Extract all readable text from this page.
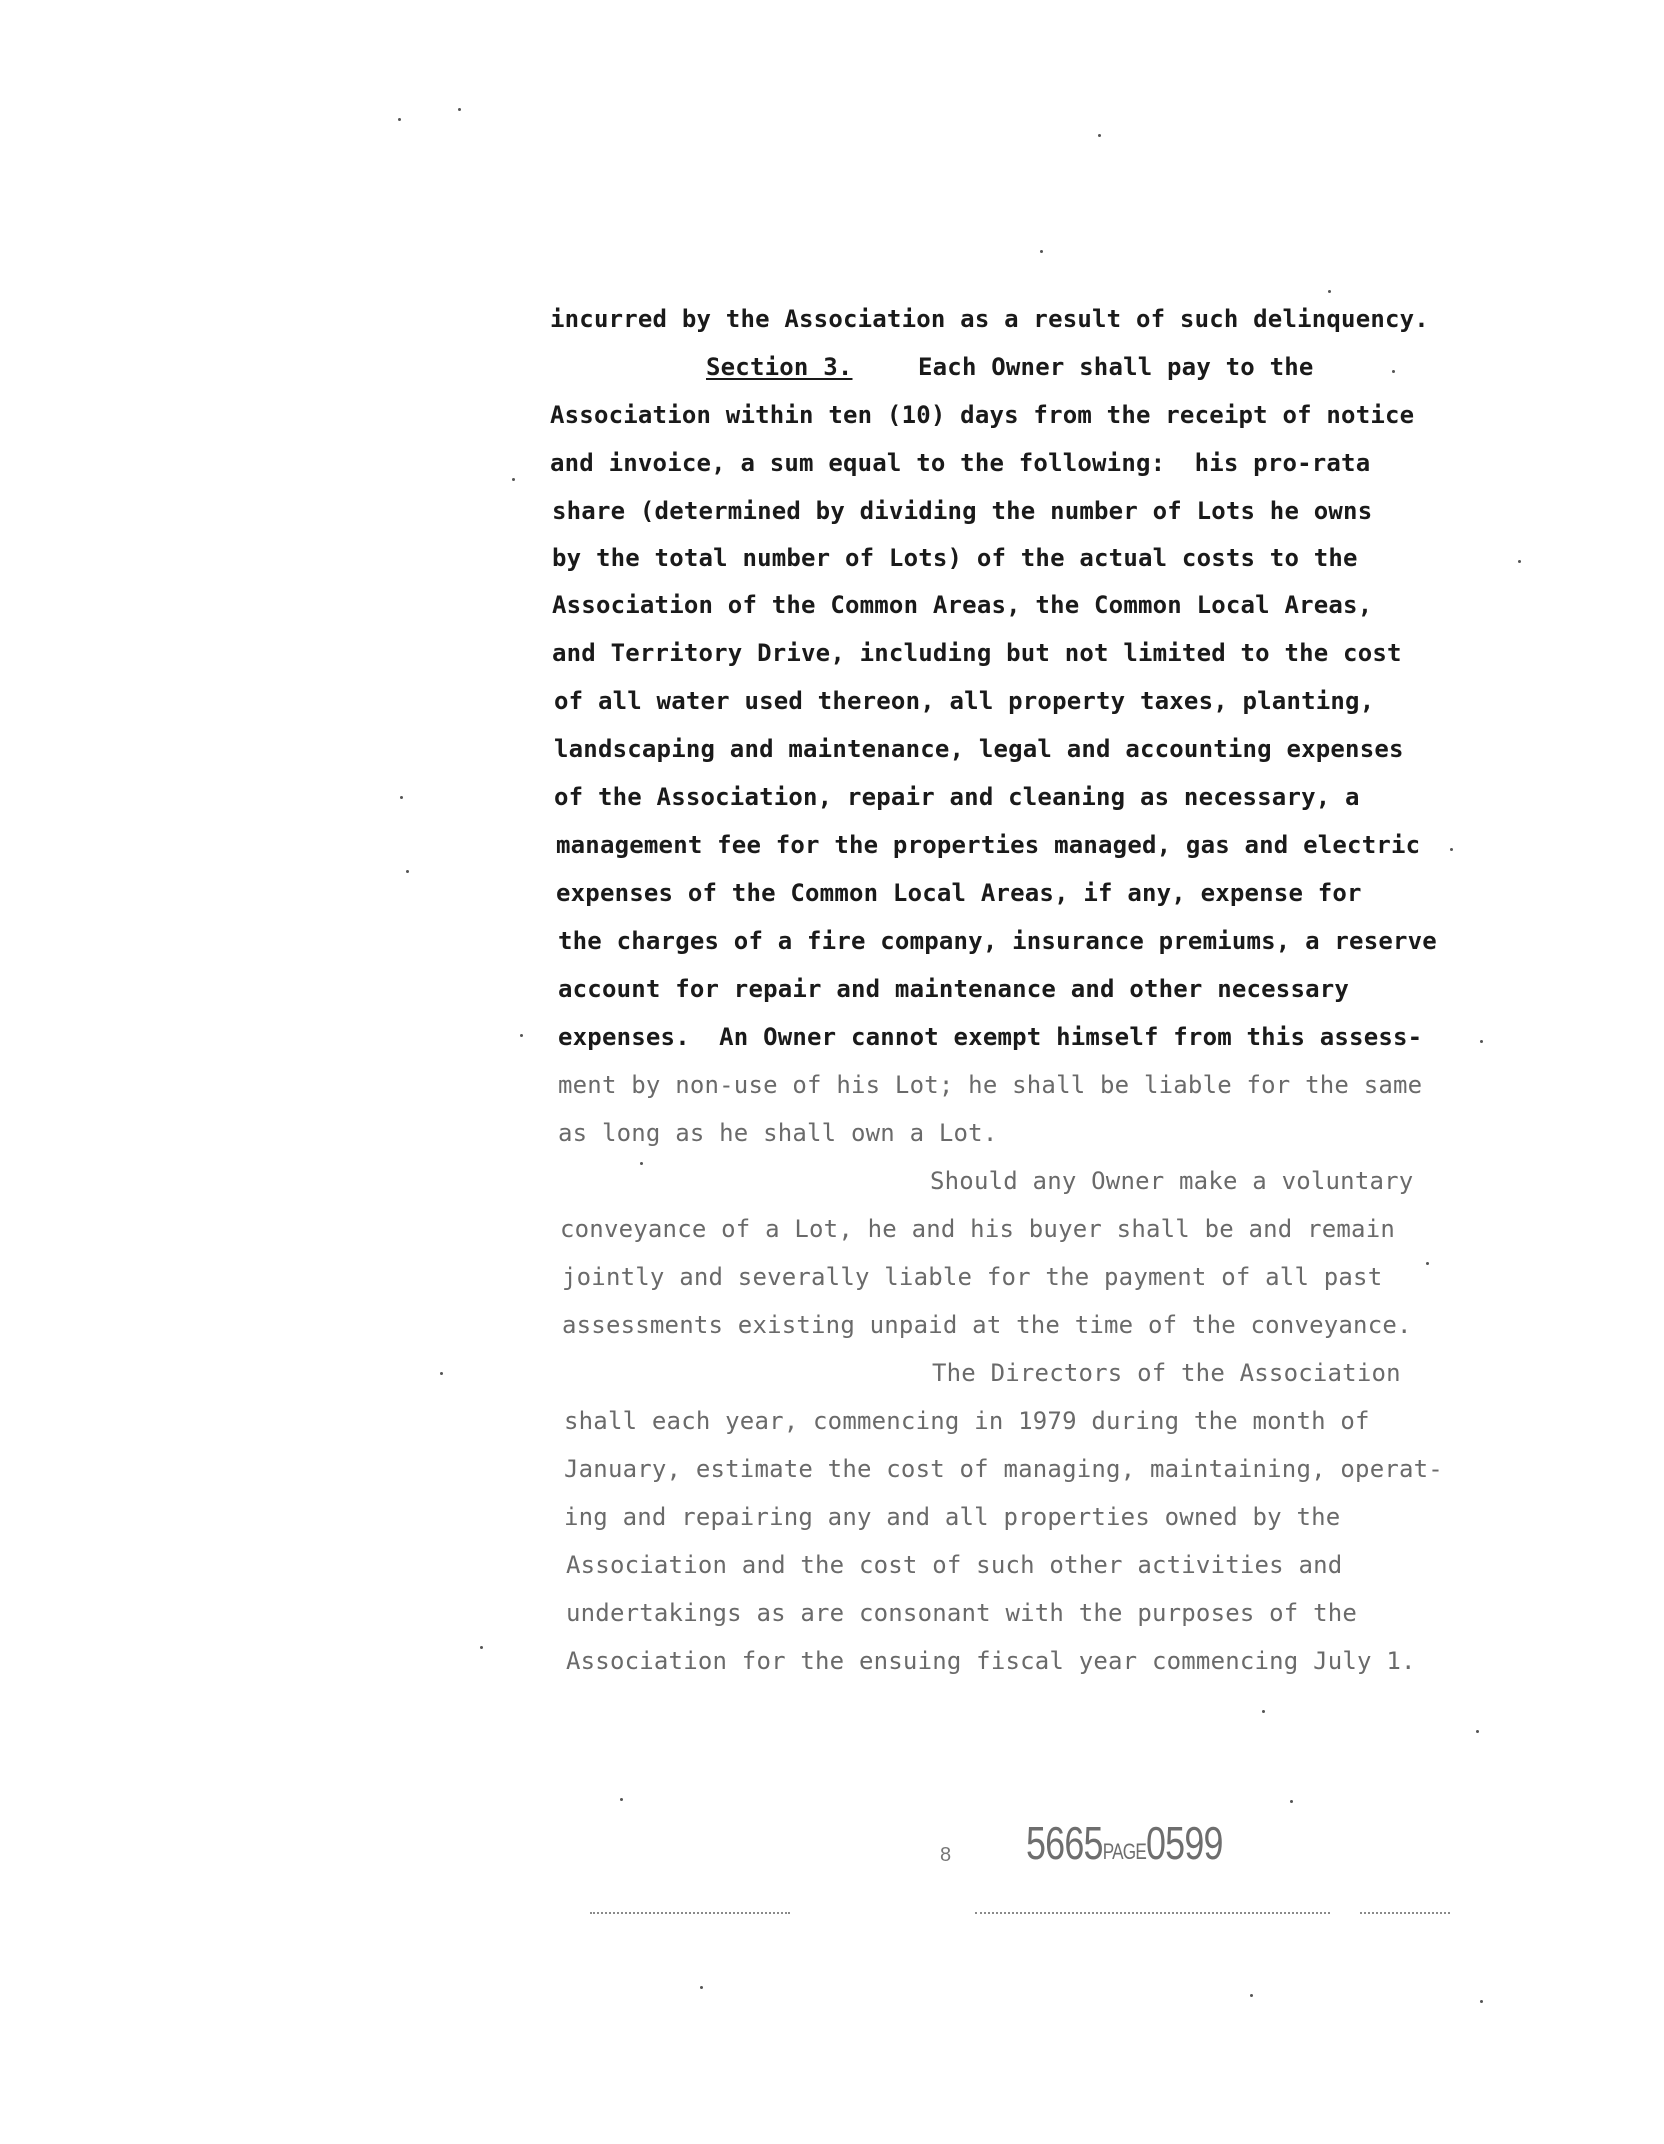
incurred by the Association as a result of such delinquency.
Section 3.	Each Owner shall pay to the
Association within ten (10) days from the receipt of notice
and invoice, a sum equal to the following:  his pro-rata
share (determined by dividing the number of Lots he owns
by the total number of Lots) of the actual costs to the
Association of the Common Areas, the Common Local Areas,
and Territory Drive, including but not limited to the cost
of all water used thereon, all property taxes, planting,
landscaping and maintenance, legal and accounting expenses
of the Association, repair and cleaning as necessary, a
management fee for the properties managed, gas and electric
expenses of the Common Local Areas, if any, expense for
the charges of a fire company, insurance premiums, a reserve
account for repair and maintenance and other necessary
expenses.  An Owner cannot exempt himself from this assess-
ment by non-use of his Lot; he shall be liable for the same
as long as he shall own a Lot.
Should any Owner make a voluntary
conveyance of a Lot, he and his buyer shall be and remain
jointly and severally liable for the payment of all past
assessments existing unpaid at the time of the conveyance.
The Directors of the Association
shall each year, commencing in 1979 during the month of
January, estimate the cost of managing, maintaining, operat-
ing and repairing any and all properties owned by the
Association and the cost of such other activities and
undertakings as are consonant with the purposes of the
Association for the ensuing fiscal year commencing July 1.
8 5665PAGE0599
